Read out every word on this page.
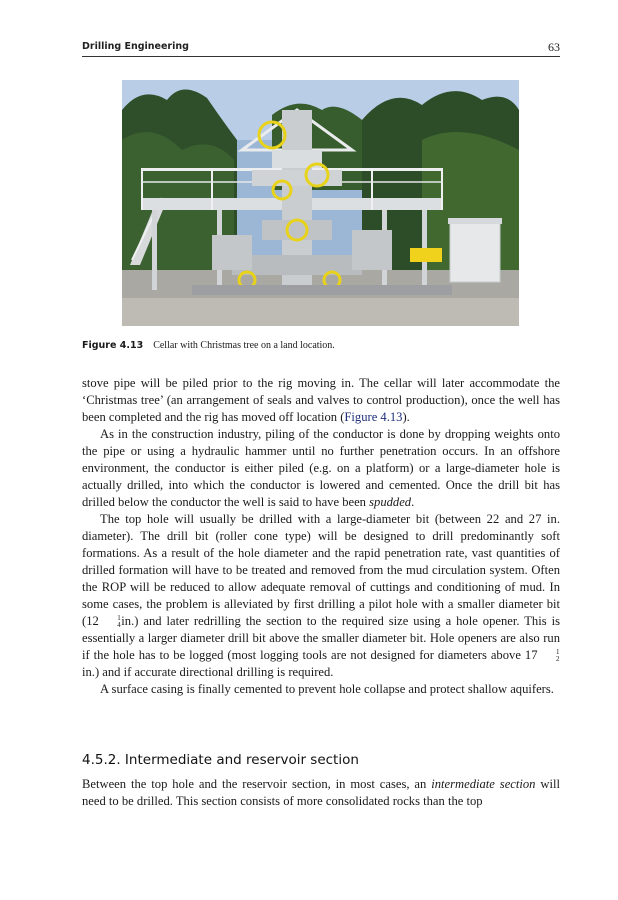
Drilling Engineering	63
Figure 4.13 Cellar with Christmas tree on a land location.

stove pipe will be piled prior to the rig moving in. The cellar will later accommodate the ‘Christmas tree’ (an arrangement of seals and valves to control production), once the well has been completed and the rig has moved off location (Figure 4.13).

As in the construction industry, piling of the conductor is done by dropping weights onto the pipe or using a hydraulic hammer until no further penetration occurs. In an offshore environment, the conductor is either piled (e.g. on a platform) or a large-diameter hole is actually drilled, into which the conductor is lowered and cemented. Once the drill bit has drilled below the conductor the well is said to have been spudded.

The top hole will usually be drilled with a large-diameter bit (between 22 and 27 in. diameter). The drill bit (roller cone type) will be designed to drill predominantly soft formations. As a result of the hole diameter and the rapid penetration rate, vast quantities of drilled formation will have to be treated and removed from the mud circulation system. Often the ROP will be reduced to allow adequate removal of cuttings and conditioning of mud. In some cases, the problem is alleviated by first drilling a pilot hole with a smaller diameter bit (12	1
4 in.) and later redrilling the section to the required size using a hole opener. This is essentially a larger diameter drill bit above the smaller diameter bit. Hole openers are also run if the hole has to be logged (most logging tools are not designed for diameters above 17	1
2
in.) and if accurate directional drilling is required.

A surface casing is finally cemented to prevent hole collapse and protect shallow aquifers.

4.5.2. Intermediate and reservoir section

Between the top hole and the reservoir section, in most cases, an intermediate section will need to be drilled. This section consists of more consolidated rocks than the top
